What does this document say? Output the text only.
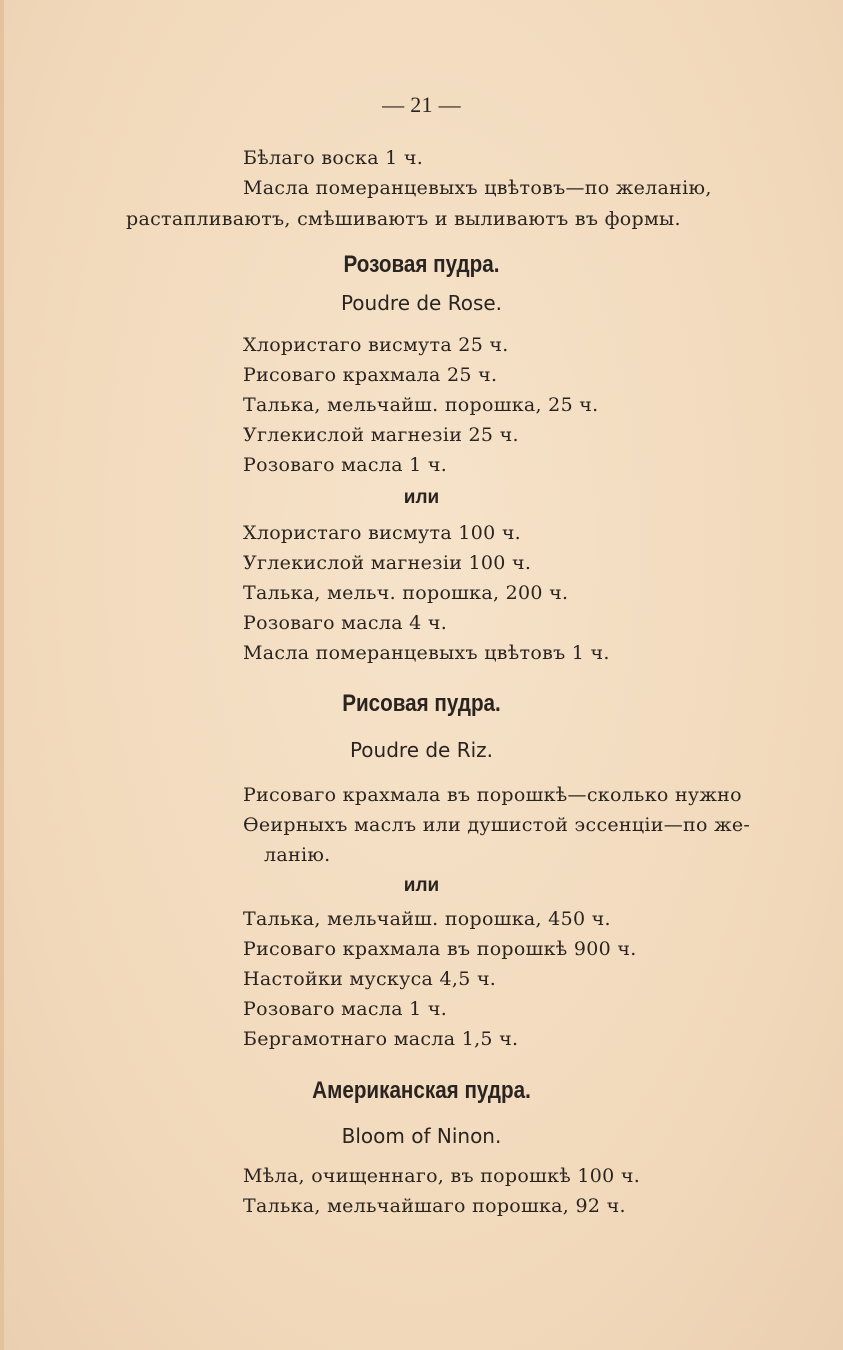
— 21 —
Бѣлаго воска 1 ч.
Масла померанцевыхъ цвѣтовъ—по желанію,
растапливаютъ, смѣшиваютъ и выливаютъ въ формы.
Розовая пудра.
Poudre de Rose.
Хлористаго висмута 25 ч.
Рисоваго крахмала 25 ч.
Талька, мельчайш. порошка, 25 ч.
Углекислой магнезіи 25 ч.
Розоваго масла 1 ч.
или
Хлористаго висмута 100 ч.
Углекислой магнезіи 100 ч.
Талька, мельч. порошка, 200 ч.
Розоваго масла 4 ч.
Масла померанцевыхъ цвѣтовъ 1 ч.
Рисовая пудра.
Poudre de Riz.
Рисоваго крахмала въ порошкѣ—сколько нужно
Ѳеирныхъ маслъ или душистой эссенціи—по же-
ланію.
или
Талька, мельчайш. порошка, 450 ч.
Рисоваго крахмала въ порошкѣ 900 ч.
Настойки мускуса 4,5 ч.
Розоваго масла 1 ч.
Бергамотнаго масла 1,5 ч.
Американская пудра.
Bloom of Ninon.
Мѣла, очищеннаго, въ порошкѣ 100 ч.
Талька, мельчайшаго порошка, 92 ч.
